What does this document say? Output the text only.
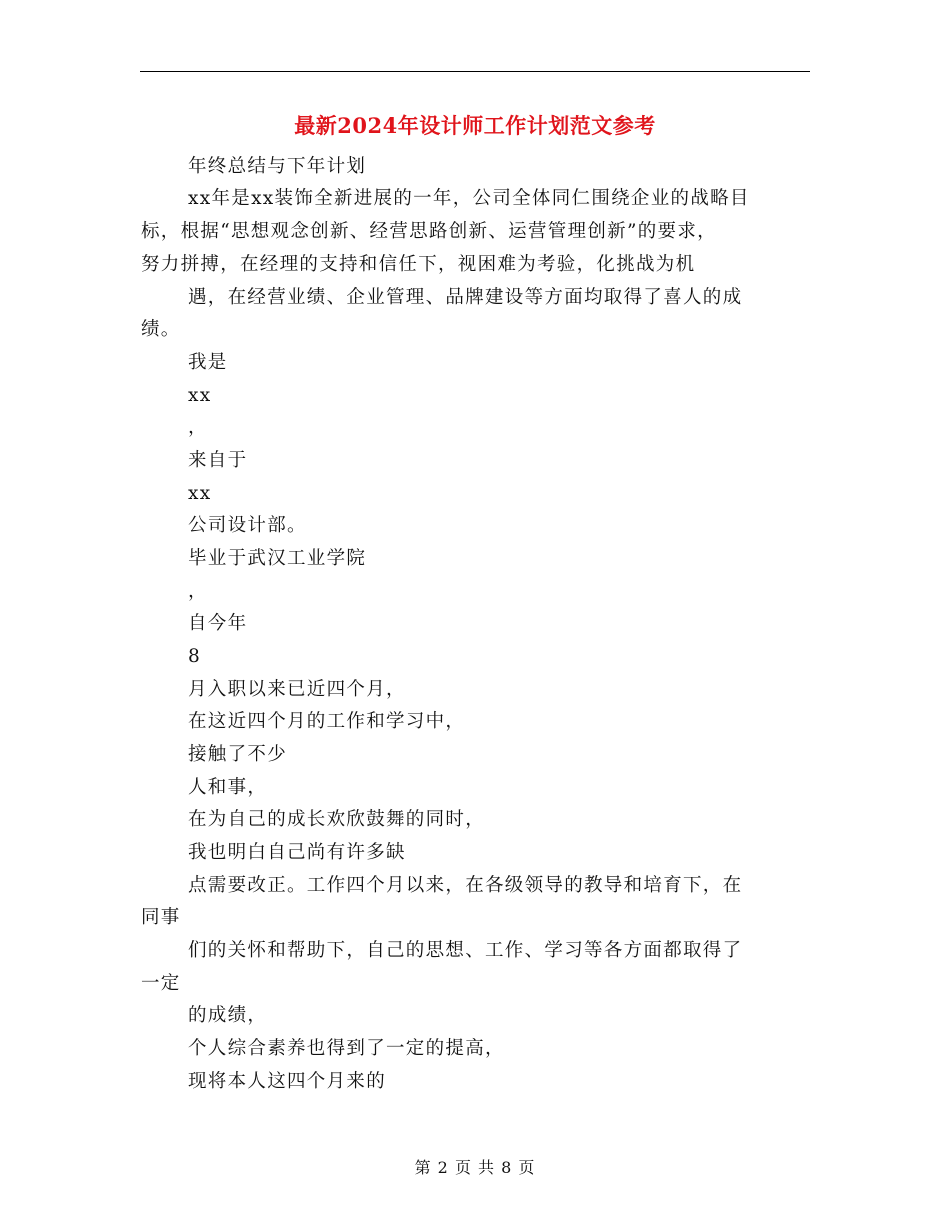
最新2024年设计师工作计划范文参考
年终总结与下年计划
xx年是xx装饰全新进展的一年，公司全体同仁围绕企业的战略目
标，根据“思想观念创新、经营思路创新、运营管理创新”的要求，
努力拼搏，在经理的支持和信任下，视困难为考验，化挑战为机
遇，在经营业绩、企业管理、品牌建设等方面均取得了喜人的成
绩。
我是
xx
，
来自于
xx
公司设计部。
毕业于武汉工业学院
，
自今年
8
月入职以来已近四个月，
在这近四个月的工作和学习中，
接触了不少
人和事，
在为自己的成长欢欣鼓舞的同时，
我也明白自己尚有许多缺
点需要改正。工作四个月以来，在各级领导的教导和培育下，在
同事
们的关怀和帮助下，自己的思想、工作、学习等各方面都取得了
一定
的成绩，
个人综合素养也得到了一定的提高，
现将本人这四个月来的
第 2 页 共 8 页
